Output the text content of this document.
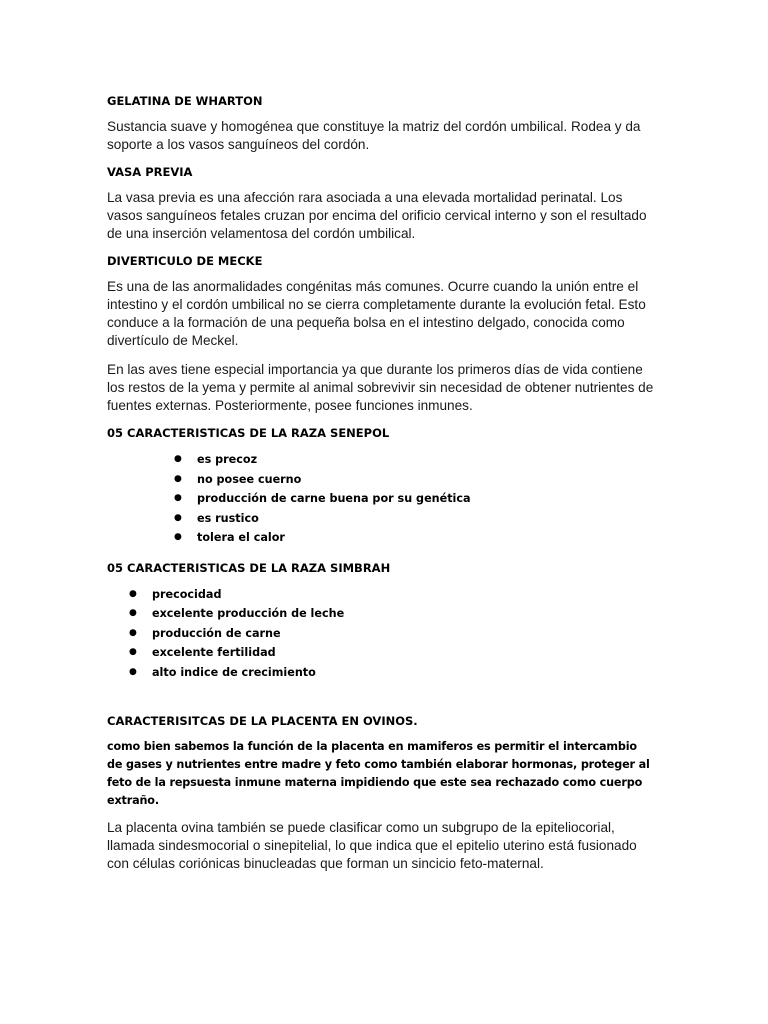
GELATINA DE WHARTON

Sustancia suave y homogénea que constituye la matriz del cordón umbilical. Rodea y da soporte a los vasos sanguíneos del cordón.

VASA PREVIA

La vasa previa es una afección rara asociada a una elevada mortalidad perinatal. Los vasos sanguíneos fetales cruzan por encima del orificio cervical interno y son el resultado de una inserción velamentosa del cordón umbilical.

DIVERTICULO DE MECKE

Es una de las anormalidades congénitas más comunes. Ocurre cuando la unión entre el intestino y el cordón umbilical no se cierra completamente durante la evolución fetal. Esto conduce a la formación de una pequeña bolsa en el intestino delgado, conocida como divertículo de Meckel.

En las aves tiene especial importancia ya que durante los primeros días de vida contiene los restos de la yema y permite al animal sobrevivir sin necesidad de obtener nutrientes de fuentes externas. Posteriormente, posee funciones inmunes.

05 CARACTERISTICAS DE LA RAZA SENEPOL
● es precoz
● no posee cuerno
● producción de carne buena por su genética
● es rustico
● tolera el calor
05 CARACTERISTICAS DE LA RAZA SIMBRAH
● precocidad
● excelente producción de leche
● producción de carne
● excelente fertilidad
● alto indice de crecimiento
CARACTERISITCAS DE LA PLACENTA EN OVINOS.

como bien sabemos la función de la placenta en mamiferos es permitir el intercambio de gases y nutrientes entre madre y feto como también elaborar hormonas, proteger al feto de la repsuesta inmune materna impidiendo que este sea rechazado como cuerpo extraño.

La placenta ovina también se puede clasificar como un subgrupo de la epiteliocorial, llamada sindesmocorial o sinepitelial, lo que indica que el epitelio uterino está fusionado con células coriónicas binucleadas que forman un sincicio feto-maternal.
